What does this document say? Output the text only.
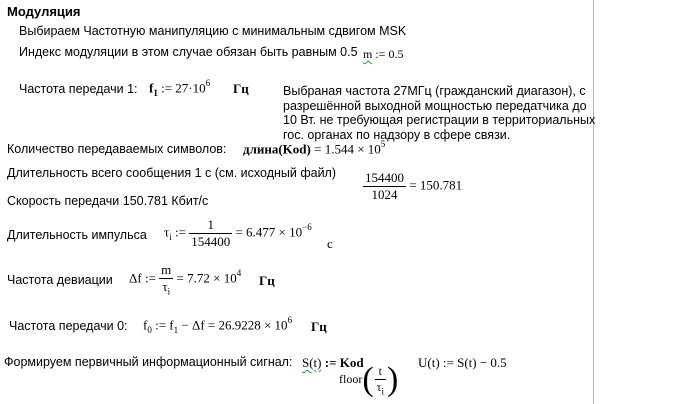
Модуляция
Выбираем Частотную манипуляцию с минимальным сдвигом MSK
Индекс модуляции в этом случае обязан быть равным 0.5 m := 0.5
Частота передачи 1: $f_1$ := $27\cdot 10^6$ Гц	Выбраная частота 27МГц (гражданский диагазон), с разрешённой выходной мощностью передатчика до 10 Вт. не требующая регистрации в территориальных гос. органах по надзору в сфере связи.
Количество передаваемых символов: длина(Kod) = $1.544 \times 10^5$
Длительность всего сообщения 1 с (см. исходный файл) $\frac{154400}{1024} = 150.781$
Скорость передачи 150.781 Кбит/с
Длительность импульса $\tau_i$ := $\frac{1}{154400} = 6.477 \times 10^{-6}$
c
Частота девиации Δf := $\frac{m}{\tau_i} = 7.72 \times 10^4$
Гц
Частота передачи 0: $f_0$ := $f_1 - \Delta f = 26.9228 \times 10^6$ Гц
Формируем первичный информационный сигнал: S(t) := Kod
floor( $\frac{t}{\tau_i}$ ) U(t) := S(t) − 0.5
